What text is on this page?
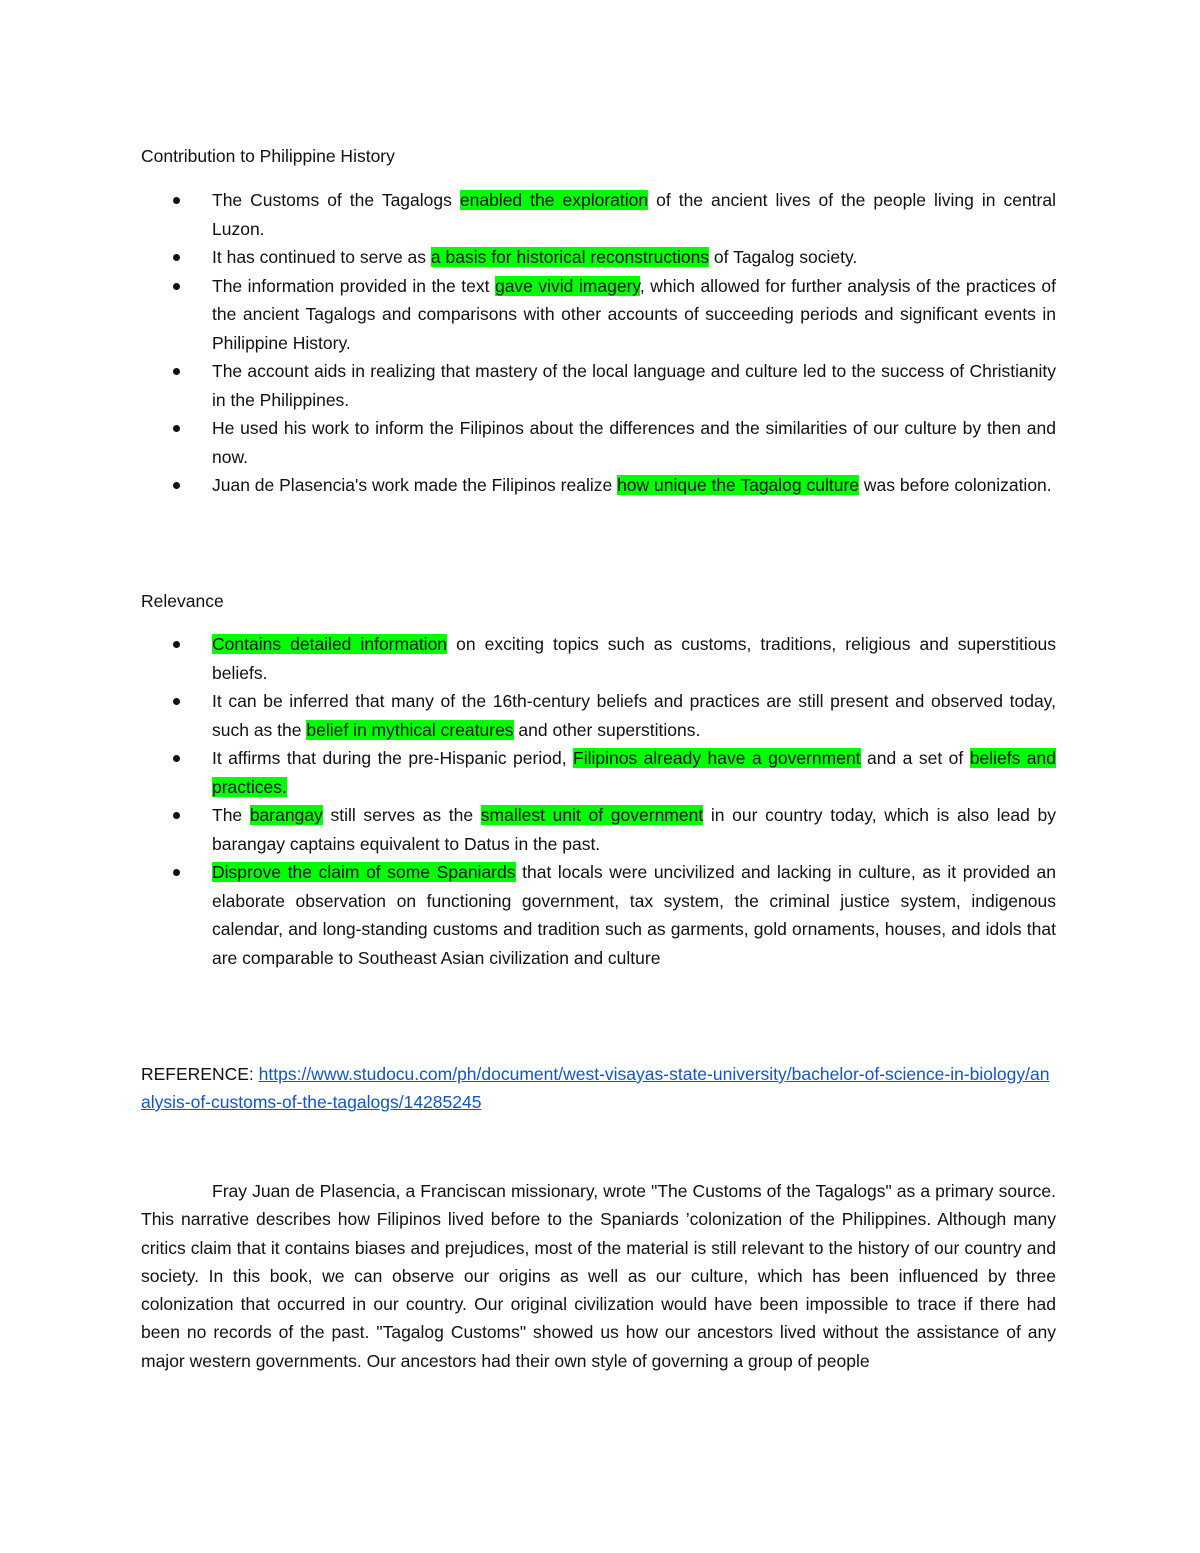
Contribution to Philippine History
The Customs of the Tagalogs enabled the exploration of the ancient lives of the people living in central Luzon.
It has continued to serve as a basis for historical reconstructions of Tagalog society.
The information provided in the text gave vivid imagery, which allowed for further analysis of the practices of the ancient Tagalogs and comparisons with other accounts of succeeding periods and significant events in Philippine History.
The account aids in realizing that mastery of the local language and culture led to the success of Christianity in the Philippines.
He used his work to inform the Filipinos about the differences and the similarities of our culture by then and now.
Juan de Plasencia's work made the Filipinos realize how unique the Tagalog culture was before colonization.
Relevance
Contains detailed information on exciting topics such as customs, traditions, religious and superstitious beliefs.
It can be inferred that many of the 16th-century beliefs and practices are still present and observed today, such as the belief in mythical creatures and other superstitions.
It affirms that during the pre-Hispanic period, Filipinos already have a government and a set of beliefs and practices.
The barangay still serves as the smallest unit of government in our country today, which is also lead by barangay captains equivalent to Datus in the past.
Disprove the claim of some Spaniards that locals were uncivilized and lacking in culture, as it provided an elaborate observation on functioning government, tax system, the criminal justice system, indigenous calendar, and long-standing customs and tradition such as garments, gold ornaments, houses, and idols that are comparable to Southeast Asian civilization and culture
REFERENCE: https://www.studocu.com/ph/document/west-visayas-state-university/bachelor-of-science-in-biology/analysis-of-customs-of-the-tagalogs/14285245

Fray Juan de Plasencia, a Franciscan missionary, wrote "The Customs of the Tagalogs" as a primary source. This narrative describes how Filipinos lived before to the Spaniards ’colonization of the Philippines. Although many critics claim that it contains biases and prejudices, most of the material is still relevant to the history of our country and society. In this book, we can observe our origins as well as our culture, which has been influenced by three colonization that occurred in our country. Our original civilization would have been impossible to trace if there had been no records of the past. "Tagalog Customs" showed us how our ancestors lived without the assistance of any major western governments. Our ancestors had their own style of governing a group of people
